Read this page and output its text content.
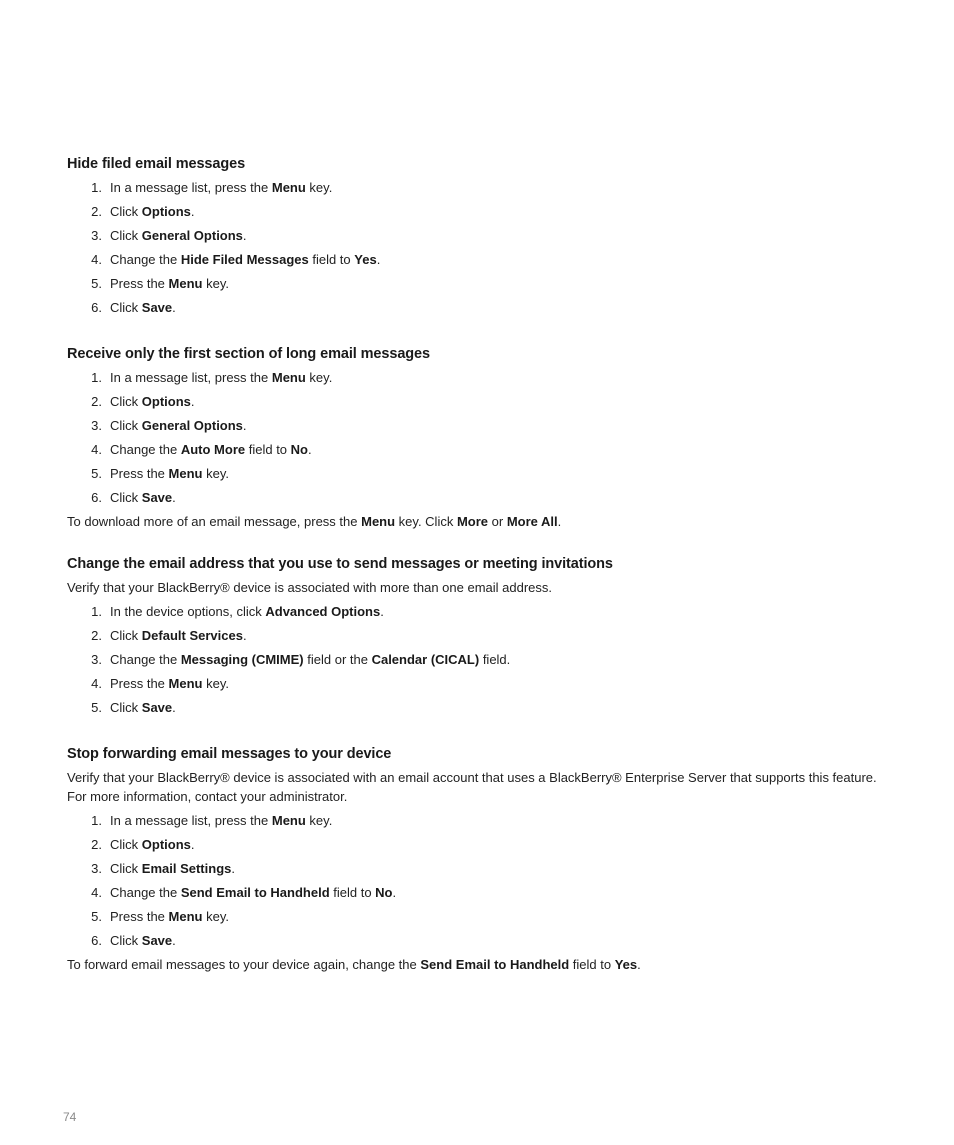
Hide filed email messages
1. In a message list, press the Menu key.
2. Click Options.
3. Click General Options.
4. Change the Hide Filed Messages field to Yes.
5. Press the Menu key.
6. Click Save.
Receive only the first section of long email messages
1. In a message list, press the Menu key.
2. Click Options.
3. Click General Options.
4. Change the Auto More field to No.
5. Press the Menu key.
6. Click Save.

To download more of an email message, press the Menu key. Click More or More All.

Change the email address that you use to send messages or meeting invitations

Verify that your BlackBerry® device is associated with more than one email address.

1. In the device options, click Advanced Options.
2. Click Default Services.
3. Change the Messaging (CMIME) field or the Calendar (CICAL) field.
4. Press the Menu key.
5. Click Save.
Stop forwarding email messages to your device

Verify that your BlackBerry® device is associated with an email account that uses a BlackBerry® Enterprise Server that supports this feature. For more information, contact your administrator.

1. In a message list, press the Menu key.
2. Click Options.
3. Click Email Settings.
4. Change the Send Email to Handheld field to No.
5. Press the Menu key.
6. Click Save.

To forward email messages to your device again, change the Send Email to Handheld field to Yes.

74
